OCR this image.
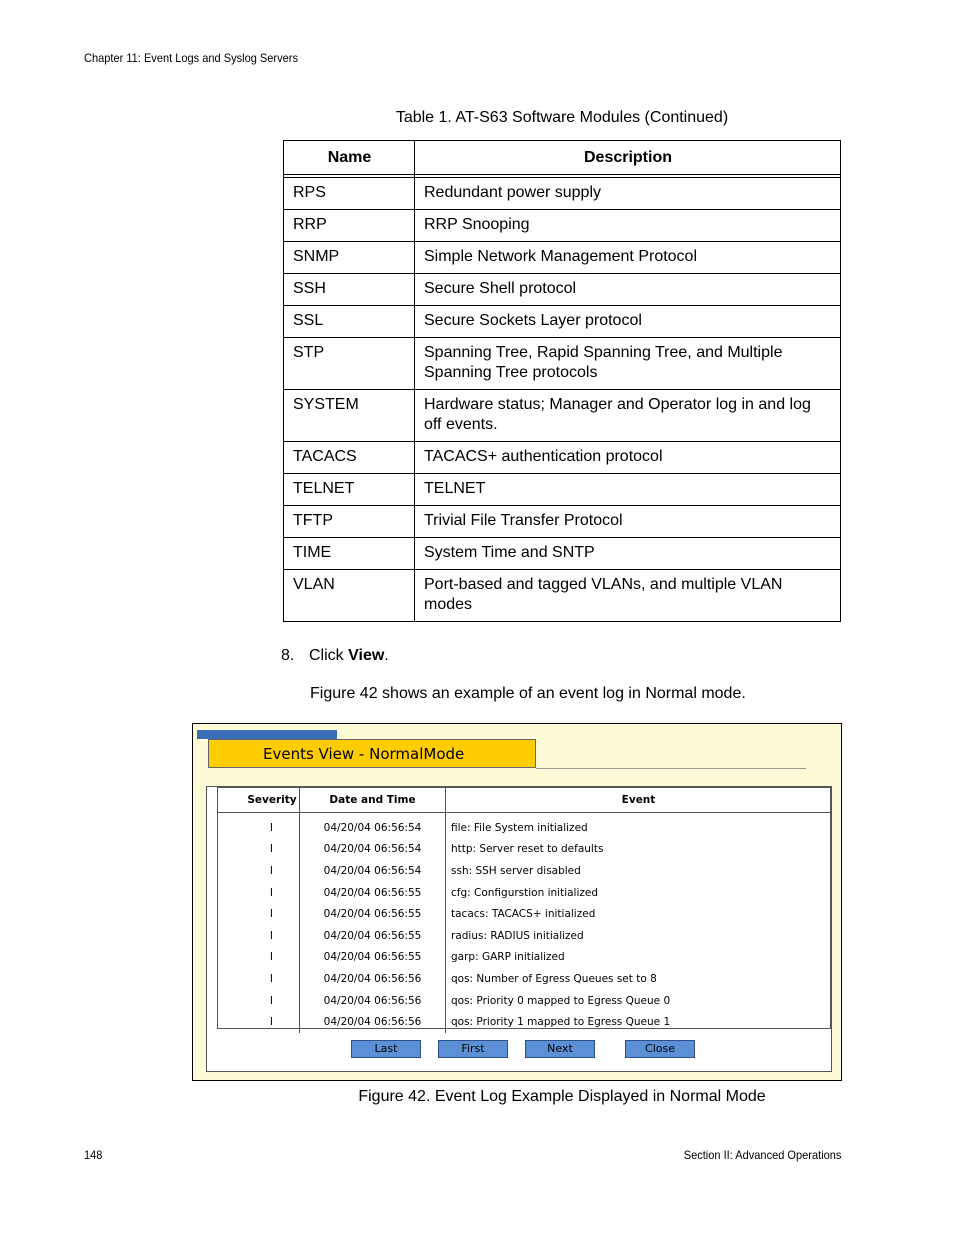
Chapter 11: Event Logs and Syslog Servers
Table 1. AT-S63 Software Modules (Continued)
Name	Description

RPS	Redundant power supply
RRP	RRP Snooping
SNMP	Simple Network Management Protocol
SSH	Secure Shell protocol
SSL	Secure Sockets Layer protocol
STP	Spanning Tree, Rapid Spanning Tree, and Multiple Spanning Tree protocols
SYSTEM	Hardware status; Manager and Operator log in and log off events.
TACACS	TACACS+ authentication protocol
TELNET	TELNET
TFTP	Trivial File Transfer Protocol
TIME	System Time and SNTP
VLAN	Port-based and tagged VLANs, and multiple VLAN modes
8. Click View.
Figure 42 shows an example of an event log in Normal mode.
Events View - NormalMode
Severity	Date and Time	Event
I	04/20/04 06:56:54	file: File System initialized
I	04/20/04 06:56:54	http: Server reset to defaults
I	04/20/04 06:56:54	ssh: SSH server disabled
I	04/20/04 06:56:55	cfg: Configurstion initialized
I	04/20/04 06:56:55	tacacs: TACACS+ initialized
I	04/20/04 06:56:55	radius: RADIUS initialized
I	04/20/04 06:56:55	garp: GARP initialized
I	04/20/04 06:56:56	qos: Number of Egress Queues set to 8
I	04/20/04 06:56:56	qos: Priority 0 mapped to Egress Queue 0
I	04/20/04 06:56:56	qos: Priority 1 mapped to Egress Queue 1
Last	First	Next	Close
Figure 42. Event Log Example Displayed in Normal Mode
148	Section II: Advanced Operations
